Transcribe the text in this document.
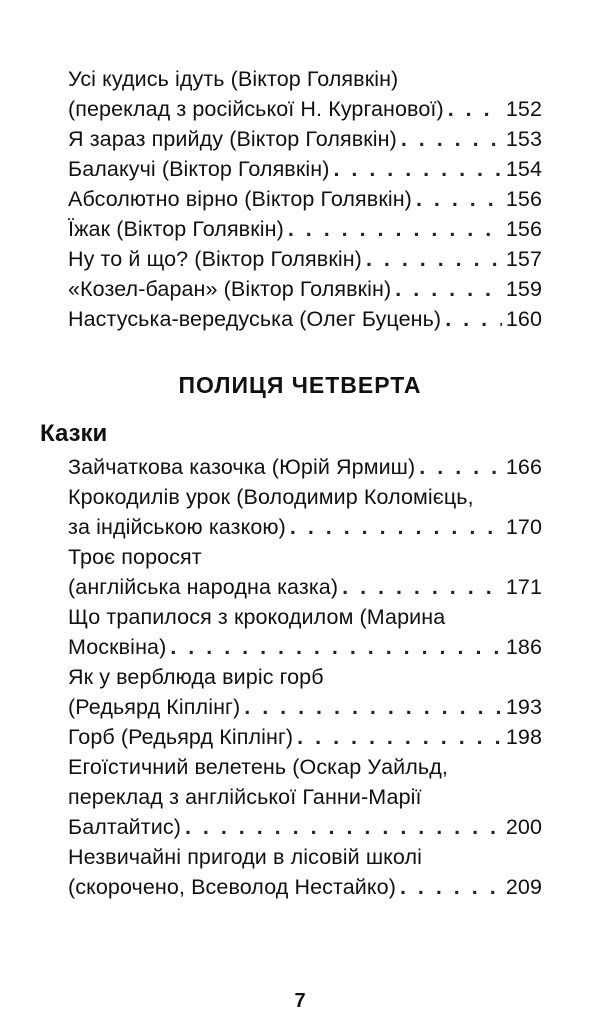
Усі кудись ідуть (Віктор Голявкін)
(переклад з російської Н. Курганової) . . .	152
Я зараз прийду (Віктор Голявкін) . . .	153
Балакучі (Віктор Голявкін) . . .	154
Абсолютно вірно (Віктор Голявкін) . . .	156
Їжак (Віктор Голявкін) . . .	156
Ну то й що? (Віктор Голявкін) . . .	157
«Козел-баран» (Віктор Голявкін) . . .	159
Настуська-вередуська (Олег Буцень) . . .	160
ПОЛИЦЯ ЧЕТВЕРТА
Казки
Зайчаткова казочка (Юрій Ярмиш) . . .	166
Крокодилів урок (Володимир Коломієць,
за індійською казкою) . . .	170
Троє поросят
(англійська народна казка) . . .	171
Що трапилося з крокодилом (Марина
Москвіна) . . .	186
Як у верблюда виріс горб
(Редьярд Кіплінг) . . .	193
Горб (Редьярд Кіплінг) . . .	198
Егоїстичний велетень (Оскар Уайльд,
переклад з англійської Ганни-Марії
Балтайтис) . . .	200
Незвичайні пригоди в лісовій школі
(скорочено, Всеволод Нестайко) . . .	209
7
